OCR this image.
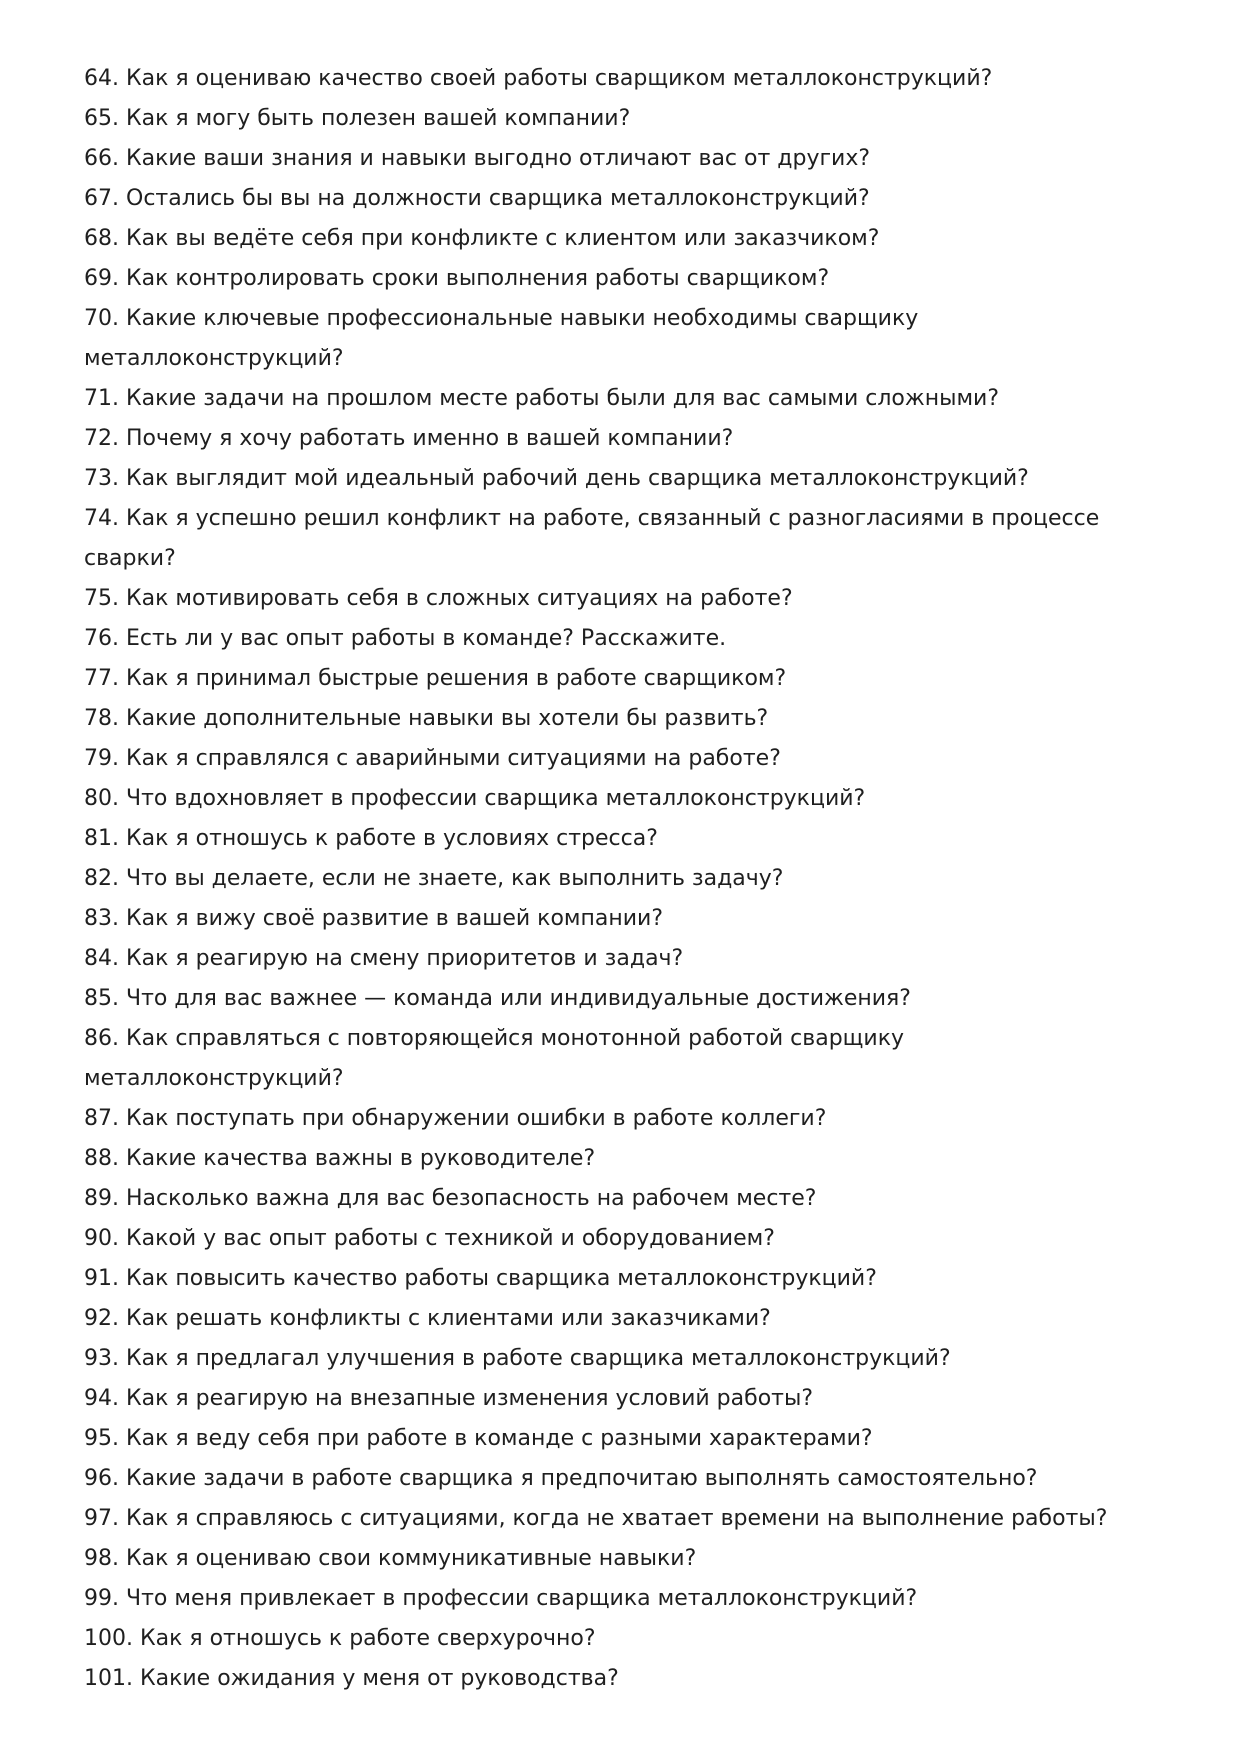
64. Как я оцениваю качество своей работы сварщиком металлоконструкций?
65. Как я могу быть полезен вашей компании?
66. Какие ваши знания и навыки выгодно отличают вас от других?
67. Остались бы вы на должности сварщика металлоконструкций?
68. Как вы ведёте себя при конфликте с клиентом или заказчиком?
69. Как контролировать сроки выполнения работы сварщиком?
70. Какие ключевые профессиональные навыки необходимы сварщику металлоконструкций?
71. Какие задачи на прошлом месте работы были для вас самыми сложными?
72. Почему я хочу работать именно в вашей компании?
73. Как выглядит мой идеальный рабочий день сварщика металлоконструкций?
74. Как я успешно решил конфликт на работе, связанный с разногласиями в процессе сварки?
75. Как мотивировать себя в сложных ситуациях на работе?
76. Есть ли у вас опыт работы в команде? Расскажите.
77. Как я принимал быстрые решения в работе сварщиком?
78. Какие дополнительные навыки вы хотели бы развить?
79. Как я справлялся с аварийными ситуациями на работе?
80. Что вдохновляет в профессии сварщика металлоконструкций?
81. Как я отношусь к работе в условиях стресса?
82. Что вы делаете, если не знаете, как выполнить задачу?
83. Как я вижу своё развитие в вашей компании?
84. Как я реагирую на смену приоритетов и задач?
85. Что для вас важнее — команда или индивидуальные достижения?
86. Как справляться с повторяющейся монотонной работой сварщику металлоконструкций?
87. Как поступать при обнаружении ошибки в работе коллеги?
88. Какие качества важны в руководителе?
89. Насколько важна для вас безопасность на рабочем месте?
90. Какой у вас опыт работы с техникой и оборудованием?
91. Как повысить качество работы сварщика металлоконструкций?
92. Как решать конфликты с клиентами или заказчиками?
93. Как я предлагал улучшения в работе сварщика металлоконструкций?
94. Как я реагирую на внезапные изменения условий работы?
95. Как я веду себя при работе в команде с разными характерами?
96. Какие задачи в работе сварщика я предпочитаю выполнять самостоятельно?
97. Как я справляюсь с ситуациями, когда не хватает времени на выполнение работы?
98. Как я оцениваю свои коммуникативные навыки?
99. Что меня привлекает в профессии сварщика металлоконструкций?
100. Как я отношусь к работе сверхурочно?
101. Какие ожидания у меня от руководства?
